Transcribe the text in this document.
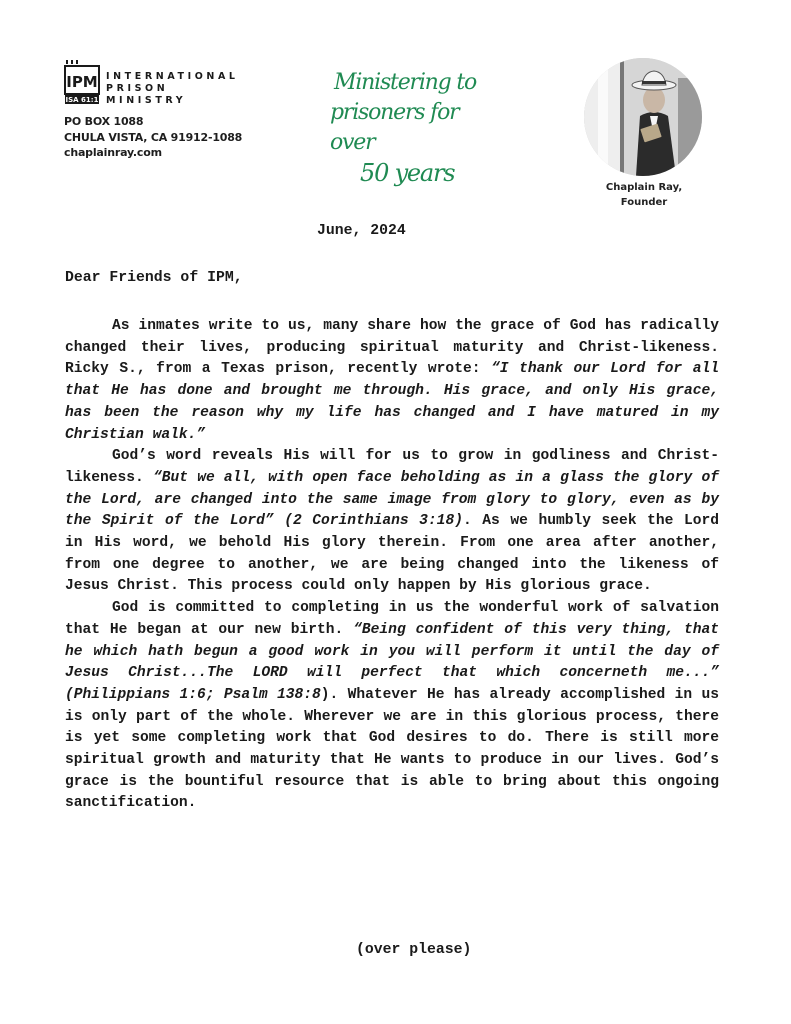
IPM
ISA 61:1
INTERNATIONAL
PRISON
MINISTRY
PO BOX 1088
CHULA VISTA, CA 91912-1088
chaplainray.com
Ministering to
prisoners for over
50 years
Chaplain Ray,
Founder
June, 2024
Dear Friends of IPM,

As inmates write to us, many share how the grace of God has radically changed their lives, producing spiritual maturity and Christ-likeness. Ricky S., from a Texas prison, recently wrote: “I thank our Lord for all that He has done and brought me through. His grace, and only His grace, has been the reason why my life has changed and I have matured in my Christian walk.”

God’s word reveals His will for us to grow in godliness and Christ-likeness. “But we all, with open face beholding as in a glass the glory of the Lord, are changed into the same image from glory to glory, even as by the Spirit of the Lord” (2 Corinthians 3:18). As we humbly seek the Lord in His word, we behold His glory therein. From one area after another, from one degree to another, we are being changed into the likeness of Jesus Christ. This process could only happen by His glorious grace.

God is committed to completing in us the wonderful work of salvation that He began at our new birth. “Being confident of this very thing, that he which hath begun a good work in you will perform it until the day of Jesus Christ...The LORD will perfect that which concerneth me...” (Philippians 1:6; Psalm 138:8). Whatever He has already accomplished in us is only part of the whole. Wherever we are in this glorious process, there is yet some completing work that God desires to do. There is still more spiritual growth and maturity that He wants to produce in our lives. God’s grace is the bountiful resource that is able to bring about this ongoing sanctification.

(over please)
